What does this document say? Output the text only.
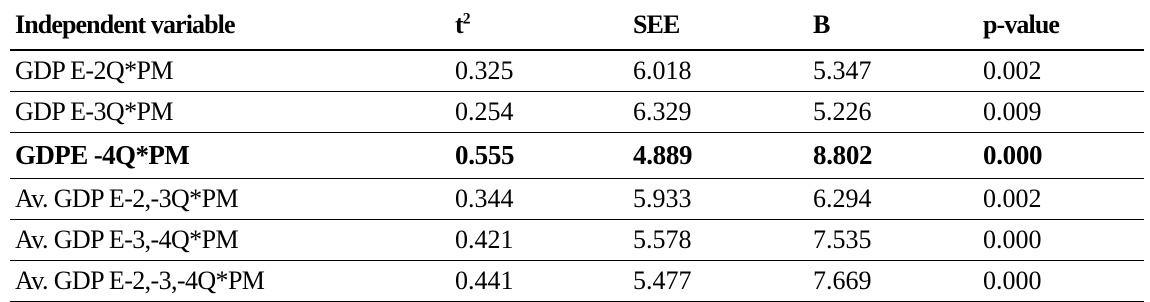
Independent variable	$t^2$	SEE	B	p-value
GDP E-2Q*PM	0.325	6.018	5.347	0.002
GDP E-3Q*PM	0.254	6.329	5.226	0.009
GDPE -4Q*PM	0.555	4.889	8.802	0.000
Av. GDP E-2,-3Q*PM	0.344	5.933	6.294	0.002
Av. GDP E-3,-4Q*PM	0.421	5.578	7.535	0.000
Av. GDP E-2,-3,-4Q*PM	0.441	5.477	7.669	0.000
